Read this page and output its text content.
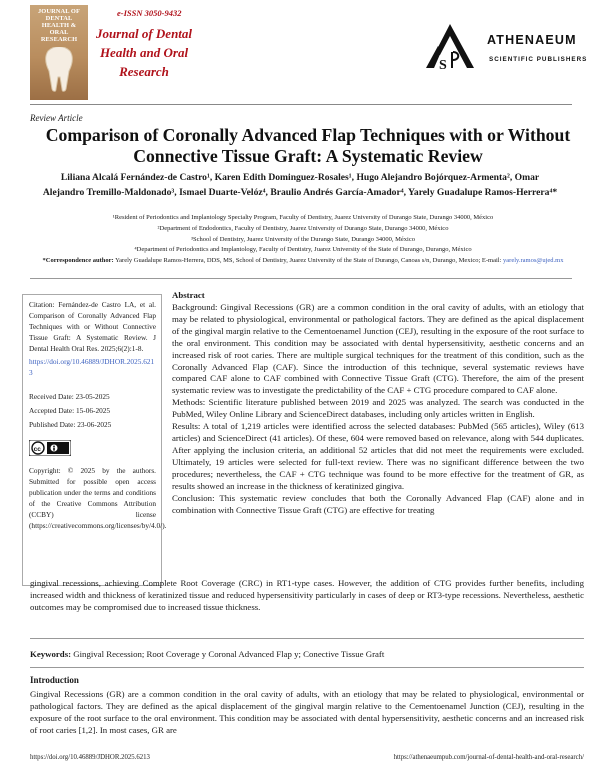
JOURNAL OF DENTAL HEALTH & ORAL RESEARCH
e-ISSN 3050-9432
Journal of Dental Health and Oral Research	S
ATHENAEUM
SCIENTIFIC PUBLISHERS
Review Article
Comparison of Coronally Advanced Flap Techniques with or Without Connective Tissue Graft: A Systematic Review
Liliana Alcalá Fernández-de Castro¹, Karen Edith Dominguez-Rosales¹, Hugo Alejandro Bojórquez-Armenta², Omar Alejandro Tremillo-Maldonado³, Ismael Duarte-Velóz⁴, Braulio Andrés García-Amador⁴, Yarely Guadalupe Ramos-Herrera⁴*
¹Resident of Periodontics and Implantology Specialty Program, Faculty of Dentistry, Juarez University of Durango State, Durango 34000, México
²Department of Endodontics, Faculty of Dentistry, Juarez University of Durango State, Durango 34000, México
³School of Dentistry, Juarez University of the Durango State, Durango 34000, México
⁴Department of Periodontics and Implantology, Faculty of Dentistry, Juarez University of the State of Durango, Durango, México
*Correspondence author: Yarely Guadalupe Ramos-Herrera, DDS, MS, School of Dentistry, Juarez University of the State of Durango, Canoas s/n, Durango, Mexico; E-mail: yarely.ramos@ujed.mx

Citation: Fernández-de Castro LA, et al. Comparison of Coronally Advanced Flap Techniques with or Without Connective Tissue Graft: A Systematic Review. J Dental Health Oral Res. 2025;6(2):1-8.

https://doi.org/10.46889/JDHOR.2025.6213

Received Date: 23-05-2025

Accepted Date: 15-06-2025

Published Date: 23-06-2025

cc

Copyright: © 2025 by the authors. Submitted for possible open access publication under the terms and conditions of the Creative Commons Attribution (CCBY) license (https://creativecommons.org/licenses/by/4.0/).

Abstract

Background: Gingival Recessions (GR) are a common condition in the oral cavity of adults, with an etiology that may be related to physiological, environmental or pathological factors. They are defined as the apical displacement of the gingival margin relative to the Cementoenamel Junction (CEJ), resulting in the exposure of the root surface to the oral environment. This condition may be associated with dental hypersensitivity, aesthetic concerns and an increased risk of root caries. There are multiple surgical techniques for the treatment of this condition, such as the Coronally Advanced Flap (CAF). Since the introduction of this technique, several systematic reviews have compared CAF alone to CAF combined with Connective Tissue Graft (CTG). Therefore, the aim of the present systematic review was to investigate the predictability of the CAF + CTG procedure compared to CAF alone.

Methods: Scientific literature published between 2019 and 2025 was analyzed. The search was conducted in the PubMed, Wiley Online Library and ScienceDirect databases, including only articles written in English.

Results: A total of 1,219 articles were identified across the selected databases: PubMed (565 articles), Wiley (613 articles) and ScienceDirect (41 articles). Of these, 604 were removed based on relevance, along with 544 duplicates. After applying the inclusion criteria, an additional 52 articles that did not meet the requirements were excluded. Ultimately, 19 articles were selected for full-text review. There was no significant difference between the two procedures; nevertheless, the CAF + CTG technique was found to be more effective for the treatment of GR, as results showed an increase in the thickness of keratinized gingiva.

Conclusion: This systematic review concludes that both the Coronally Advanced Flap (CAF) alone and in combination with Connective Tissue Graft (CTG) are effective for treating

gingival recessions, achieving Complete Root Coverage (CRC) in RT1-type cases. However, the addition of CTG provides further benefits, including increased width and thickness of keratinized tissue and reduced hypersensitivity particularly in cases of deep or RT3-type recessions. Nevertheless, aesthetic outcomes may be compromised due to increased tissue thickness.

Keywords: Gingival Recession; Root Coverage y Coronal Advanced Flap y; Conective Tissue Graft
Introduction

Gingival Recessions (GR) are a common condition in the oral cavity of adults, with an etiology that may be related to physiological, environmental or pathological factors. They are defined as the apical displacement of the gingival margin relative to the Cementoenamel Junction (CEJ), resulting in the exposure of the root surface to the oral environment. This condition may be associated with dental hypersensitivity, aesthetic concerns and an increased risk of root caries [1,2]. In most cases, GR are

https://doi.org/10.46889/JDHOR.2025.6213	https://athenaeumpub.com/journal-of-dental-health-and-oral-research/
